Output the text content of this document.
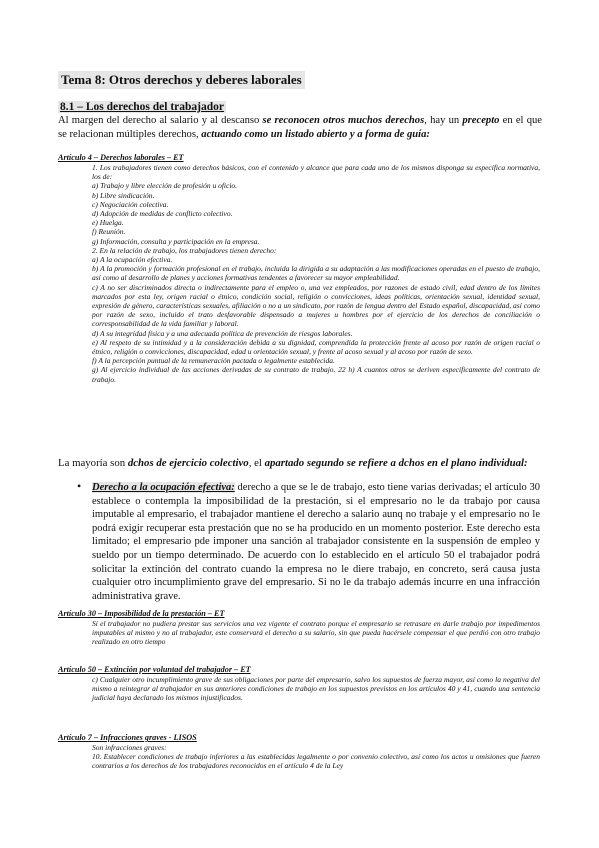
Tema 8: Otros derechos y deberes laborales
8.1 – Los derechos del trabajador
Al margen del derecho al salario y al descanso se reconocen otros muchos derechos, hay un precepto en el que se relacionan múltiples derechos, actuando como un listado abierto y a forma de guía:
Artículo 4 – Derechos laborales – ET
1. Los trabajadores tienen como derechos básicos, con el contenido y alcance que para cada uno de los mismos disponga su específica normativa, los de:
a) Trabajo y libre elección de profesión u oficio.
b) Libre sindicación.
c) Negociación colectiva.
d) Adopción de medidas de conflicto colectivo.
e) Huelga.
f) Reunión.
g) Información, consulta y participación en la empresa.
2. En la relación de trabajo, los trabajadores tienen derecho:
a) A la ocupación efectiva.
b) A la promoción y formación profesional en el trabajo, incluida la dirigida a su adaptación a las modificaciones operadas en el puesto de trabajo, así como al desarrollo de planes y acciones formativas tendentes a favorecer su mayor empleabilidad.
c) A no ser discriminados directa o indirectamente para el empleo o, una vez empleados, por razones de estado civil, edad dentro de los límites marcados por esta ley, origen racial o étnico, condición social, religión o convicciones, ideas políticas, orientación sexual, identidad sexual, expresión de género, características sexuales, afiliación o no a un sindicato, por razón de lengua dentro del Estado español, discapacidad, así como por razón de sexo, incluido el trato desfavorable dispensado a mujeres u hombres por el ejercicio de los derechos de conciliación o corresponsabilidad de la vida familiar y laboral.
d) A su integridad física y a una adecuada política de prevención de riesgos laborales.
e) Al respeto de su intimidad y a la consideración debida a su dignidad, comprendida la protección frente al acoso por razón de origen racial o étnico, religión o convicciones, discapacidad, edad u orientación sexual, y frente al acoso sexual y al acoso por razón de sexo.
f) A la percepción puntual de la remuneración pactada o legalmente establecida.
g) Al ejercicio individual de las acciones derivadas de su contrato de trabajo. 22 h) A cuantos otros se deriven específicamente del contrato de trabajo.
La mayoría son dchos de ejercicio colectivo, el apartado segundo se refiere a dchos en el plano individual:
• Derecho a la ocupación efectiva: derecho a que se le de trabajo, esto tiene varias derivadas; el artículo 30 establece o contempla la imposibilidad de la prestación, si el empresario no le da trabajo por causa imputable al empresario, el trabajador mantiene el derecho a salario aunq no trabaje y el empresario no le podrá exigir recuperar esta prestación que no se ha producido en un momento posterior. Este derecho esta limitado; el empresario pde imponer una sanción al trabajador consistente en la suspensión de empleo y sueldo por un tiempo determinado. De acuerdo con lo establecido en el artículo 50 el trabajador podrá solicitar la extinción del contrato cuando la empresa no le diere trabajo, en concreto, será causa justa cualquier otro incumplimiento grave del empresario. Si no le da trabajo además incurre en una infracción administrativa grave.
Artículo 30 – Imposibilidad de la prestación – ET
Si el trabajador no pudiera prestar sus servicios una vez vigente el contrato porque el empresario se retrasare en darle trabajo por impedimentos imputables al mismo y no al trabajador, este conservará el derecho a su salario, sin que pueda hacérsele compensar el que perdió con otro trabajo realizado en otro tiempo
Artículo 50 – Extinción por voluntad del trabajador – ET
c) Cualquier otro incumplimiento grave de sus obligaciones por parte del empresario, salvo los supuestos de fuerza mayor, así como la negativa del mismo a reintegrar al trabajador en sus anteriores condiciones de trabajo en los supuestos previstos en los artículos 40 y 41, cuando una sentencia judicial haya declarado los mismos injustificados.
Artículo 7 – Infracciones graves - LISOS
Son infracciones graves:
10. Establecer condiciones de trabajo inferiores a las establecidas legalmente o por convenio colectivo, así como los actos u omisiones que fueren contrarios a los derechos de los trabajadores reconocidos en el artículo 4 de la Ley
